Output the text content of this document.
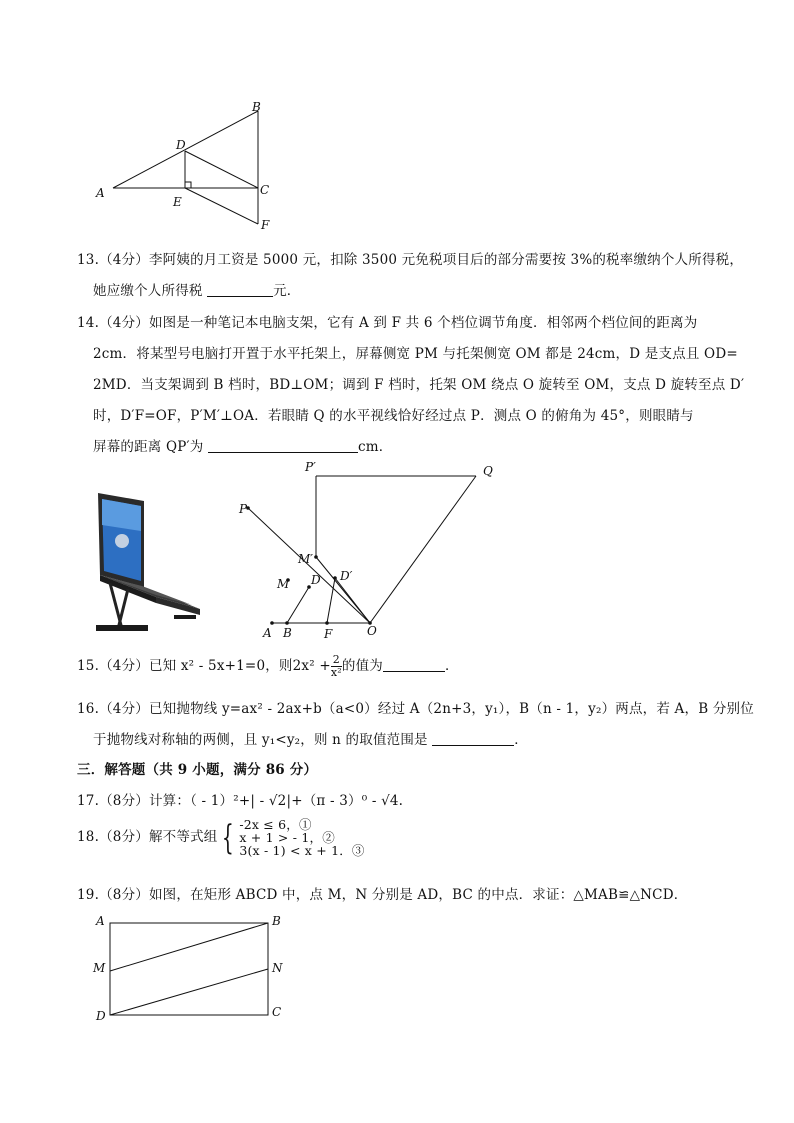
B
D
A	C
E
F
13.（4分）李阿姨的月工资是 5000 元，扣除 3500 元免税项目后的部分需要按 3%的税率缴纳个人所得税，
她应缴个人所得税	元．
14.（4分）如图是一种笔记本电脑支架，它有 A 到 F 共 6 个档位调节角度．相邻两个档位间的距离为
2cm．将某型号电脑打开置于水平托架上，屏幕侧宽 PM 与托架侧宽 OM 都是 24cm，D 是支点且 OD=
2MD．当支架调到 B 档时，BD⊥OM；调到 F 档时，托架 OM 绕点 O 旋转至 OM，支点 D 旋转至点 D′
时，D′F=OF，P′M′⊥OA．若眼睛 Q 的水平视线恰好经过点 P．测点 O 的俯角为 45°，则眼睛与
屏幕的距离 QP′为	cm．
P′	Q
P
M′
D′
M D
A B	F	O
15.（4分）已知 x² - 5x+1=0，则$2x^2 + \frac{2}{\text{x²}}$ 的值为	．
16.（4分）已知抛物线 y=ax² - 2ax+b（a<0）经过 A（2n+3，y₁），B（n - 1，y₂）两点，若 A，B 分别位
于抛物线对称轴的两侧，且 y₁<y₂，则 n 的取值范围是	．
三．解答题（共 9 小题，满分 86 分）
17.（8分）计算：（ - 1）²+| - √2|+（π - 3）⁰ - √4.
18.（8分）解不等式组 { -2x ≤ 6，①
x + 1 > - 1，②
3(x - 1) < x + 1．③
19.（8分）如图，在矩形 ABCD 中，点 M，N 分别是 AD，BC 的中点．求证：△MAB≌△NCD．
A	B
M	N
D	C
